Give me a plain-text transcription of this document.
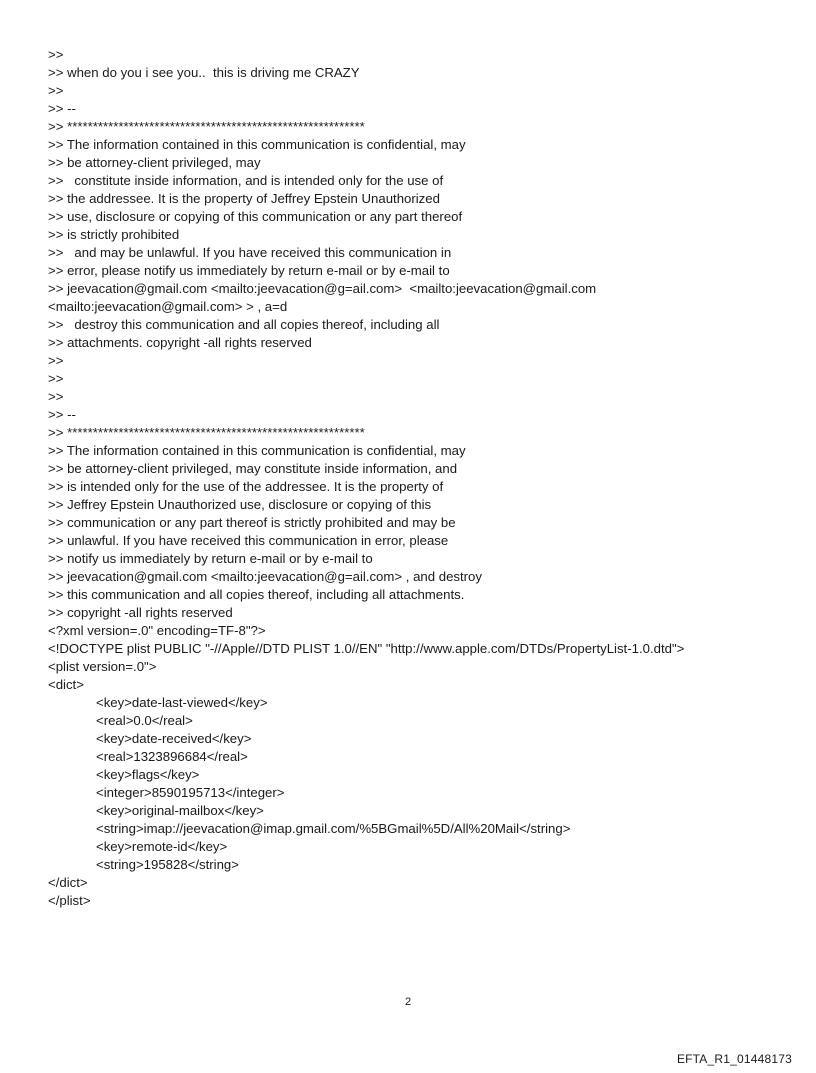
>>
>> when do you i see you..  this is driving me CRAZY
>>
>> --
>> **********************************************************
>> The information contained in this communication is confidential, may
>> be attorney-client privileged, may
>>   constitute inside information, and is intended only for the use of
>> the addressee. It is the property of Jeffrey Epstein Unauthorized
>> use, disclosure or copying of this communication or any part thereof
>> is strictly prohibited
>>   and may be unlawful. If you have received this communication in
>> error, please notify us immediately by return e-mail or by e-mail to
>> jeevacation@gmail.com <mailto:jeevacation@g=ail.com>  <mailto:jeevacation@gmail.com
<mailto:jeevacation@gmail.com> > , a=d
>>   destroy this communication and all copies thereof, including all
>> attachments. copyright -all rights reserved
>>
>>
>>
>> --
>> **********************************************************
>> The information contained in this communication is confidential, may
>> be attorney-client privileged, may constitute inside information, and
>> is intended only for the use of the addressee. It is the property of
>> Jeffrey Epstein Unauthorized use, disclosure or copying of this
>> communication or any part thereof is strictly prohibited and may be
>> unlawful. If you have received this communication in error, please
>> notify us immediately by return e-mail or by e-mail to
>> jeevacation@gmail.com <mailto:jeevacation@g=ail.com> , and destroy
>> this communication and all copies thereof, including all attachments.
>> copyright -all rights reserved
<?xml version=.0" encoding=TF-8"?>
<!DOCTYPE plist PUBLIC "-//Apple//DTD PLIST 1.0//EN" "http://www.apple.com/DTDs/PropertyList-1.0.dtd">
<plist version=.0">
<dict>
<key>date-last-viewed</key>
<real>0.0</real>
<key>date-received</key>
<real>1323896684</real>
<key>flags</key>
<integer>8590195713</integer>
<key>original-mailbox</key>
<string>imap://jeevacation@imap.gmail.com/%5BGmail%5D/All%20Mail</string>
<key>remote-id</key>
<string>195828</string>
</dict>
</plist>
2
EFTA_R1_01448173
